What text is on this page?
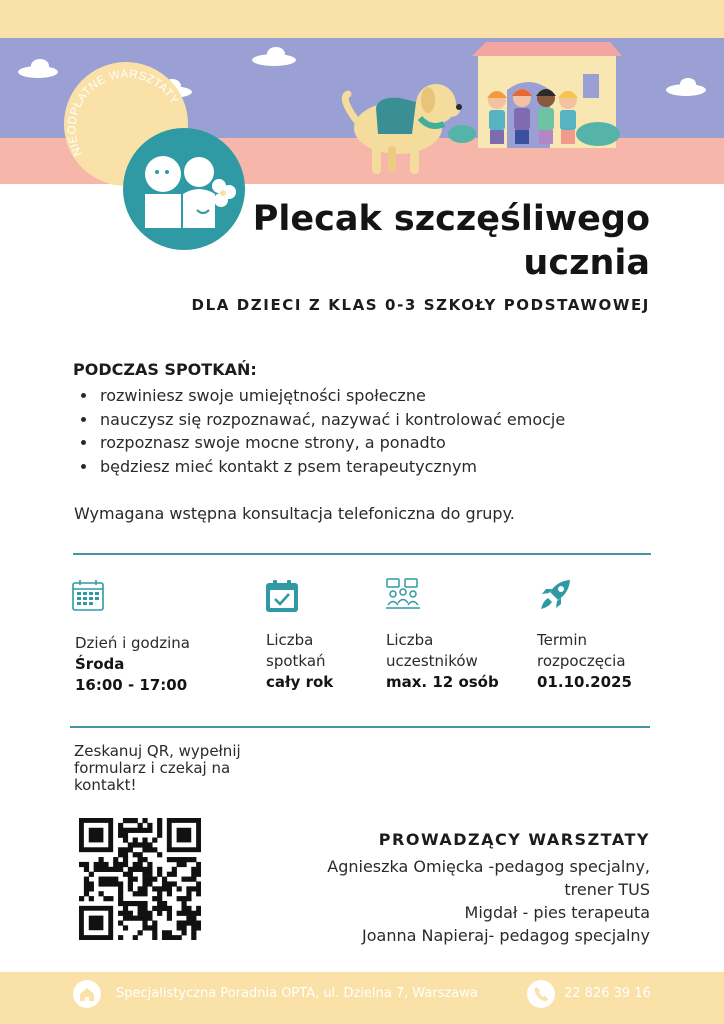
NIEODPŁATNE WARSZTATY
Plecak szczęśliwego
ucznia
DLA DZIECI Z KLAS 0-3 SZKOŁY PODSTAWOWEJ
PODCZAS SPOTKAŃ:
• rozwiniesz swoje umiejętności społeczne
• nauczysz się rozpoznawać, nazywać i kontrolować emocje
• rozpoznasz swoje mocne strony, a ponadto
• będziesz mieć kontakt z psem terapeutycznym
Wymagana wstępna konsultacja telefoniczna do grupy.
Dzień i godzina
Środa
16:00 - 17:00
Liczba
spotkań
cały rok
Liczba
uczestników
max. 12 osób
Termin
rozpoczęcia
01.10.2025
Zeskanuj QR, wypełnij
formularz i czekaj na
kontakt!
PROWADZĄCY WARSZTATY
Agnieszka Omięcka -pedagog specjalny,
trener TUS
Migdał - pies terapeuta
Joanna Napieraj- pedagog specjalny
Specjalistyczna Poradnia OPTA, ul. Dzielna 7, Warszawa	22 826 39 16
